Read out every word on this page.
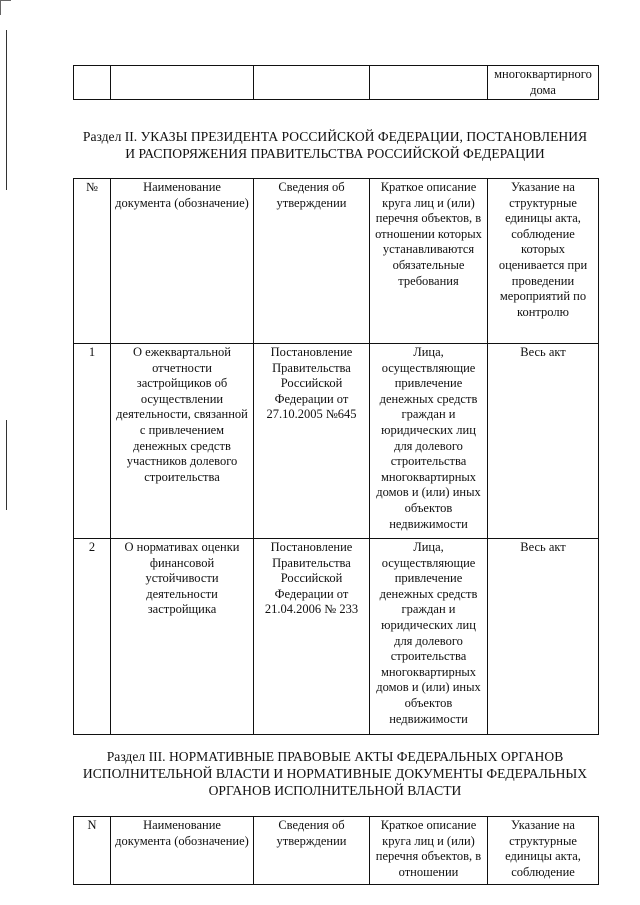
				многоквартирного дома
Раздел II. УКАЗЫ ПРЕЗИДЕНТА РОССИЙСКОЙ ФЕДЕРАЦИИ, ПОСТАНОВЛЕНИЯ
И РАСПОРЯЖЕНИЯ ПРАВИТЕЛЬСТВА РОССИЙСКОЙ ФЕДЕРАЦИИ
№	Наименование документа (обозначение)	Сведения об утверждении	Краткое описание круга лиц и (или) перечня объектов, в отношении которых устанавливаются обязательные требования	Указание на структурные единицы акта, соблюдение которых оценивается при проведении мероприятий по контролю
1	О ежеквартальной отчетности застройщиков об осуществлении деятельности, связанной с привлечением денежных средств участников долевого строительства	Постановление Правительства Российской Федерации от 27.10.2005 №645	Лица, осуществляющие привлечение денежных средств граждан и юридических лиц для долевого строительства многоквартирных домов и (или) иных объектов недвижимости	Весь акт
2	О нормативах оценки финансовой устойчивости деятельности застройщика	Постановление Правительства Российской Федерации от 21.04.2006 № 233	Лица, осуществляющие привлечение денежных средств граждан и юридических лиц для долевого строительства многоквартирных домов и (или) иных объектов недвижимости	Весь акт
Раздел III. НОРМАТИВНЫЕ ПРАВОВЫЕ АКТЫ ФЕДЕРАЛЬНЫХ ОРГАНОВ
ИСПОЛНИТЕЛЬНОЙ ВЛАСТИ И НОРМАТИВНЫЕ ДОКУМЕНТЫ ФЕДЕРАЛЬНЫХ
ОРГАНОВ ИСПОЛНИТЕЛЬНОЙ ВЛАСТИ
N	Наименование документа (обозначение)	Сведения об утверждении	Краткое описание круга лиц и (или) перечня объектов, в отношении	Указание на структурные единицы акта, соблюдение
